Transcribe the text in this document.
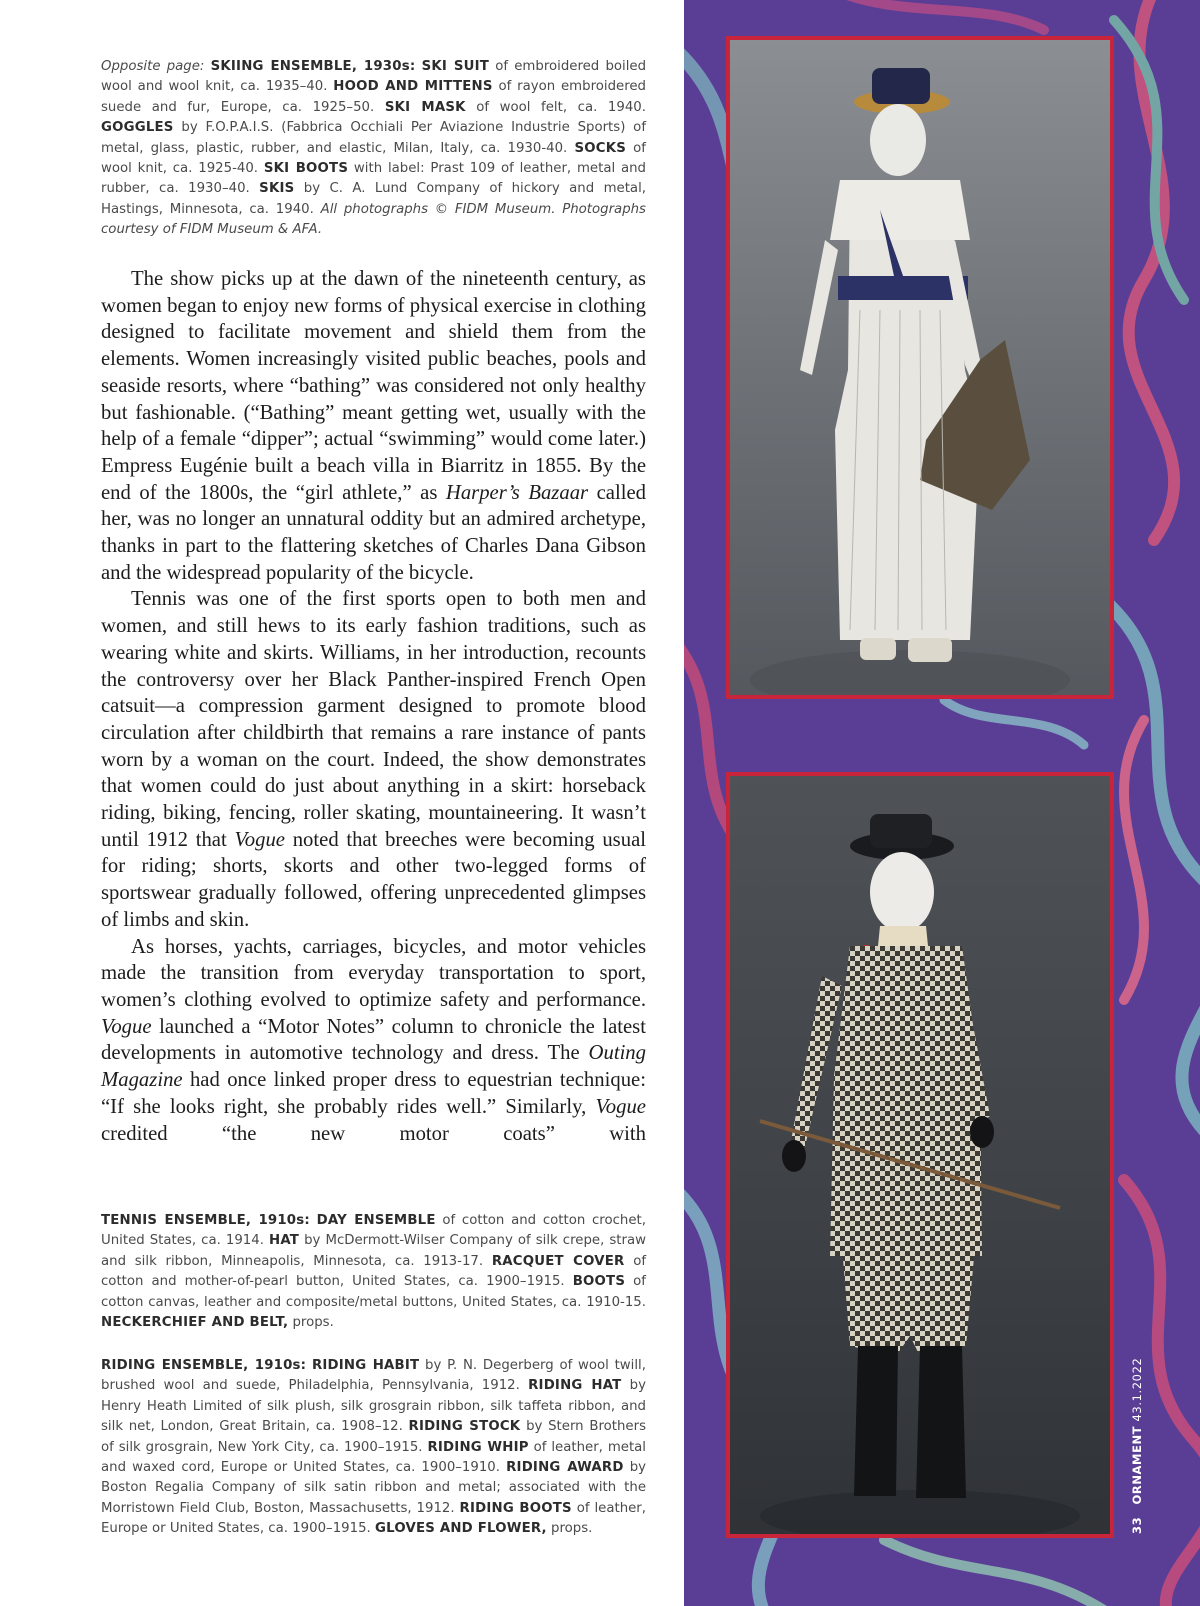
Opposite page: SKIING ENSEMBLE, 1930s: SKI SUIT of embroidered boiled wool and wool knit, ca. 1935–40. HOOD AND MITTENS of rayon embroidered suede and fur, Europe, ca. 1925–50. SKI MASK of wool felt, ca. 1940. GOGGLES by F.O.P.A.I.S. (Fabbrica Occhiali Per Aviazione Industrie Sports) of metal, glass, plastic, rubber, and elastic, Milan, Italy, ca. 1930-40. SOCKS of wool knit, ca. 1925-40. SKI BOOTS with label: Prast 109 of leather, metal and rubber, ca. 1930–40. SKIS by C. A. Lund Company of hickory and metal, Hastings, Minnesota, ca. 1940. All photographs © FIDM Museum. Photographs courtesy of FIDM Museum & AFA.

The show picks up at the dawn of the nineteenth century, as women began to enjoy new forms of physical exercise in clothing designed to facilitate movement and shield them from the elements. Women increasingly visited public beaches, pools and seaside resorts, where “bathing” was considered not only healthy but fashionable. (“Bathing” meant getting wet, usually with the help of a female “dipper”; actual “swimming” would come later.) Empress Eugénie built a beach villa in Biarritz in 1855. By the end of the 1800s, the “girl athlete,” as Harper’s Bazaar called her, was no longer an unnatural oddity but an admired archetype, thanks in part to the flattering sketches of Charles Dana Gibson and the widespread popularity of the bicycle.

Tennis was one of the first sports open to both men and women, and still hews to its early fashion traditions, such as wearing white and skirts. Williams, in her introduction, recounts the controversy over her Black Panther-inspired French Open catsuit—a compression garment designed to promote blood circulation after childbirth that remains a rare instance of pants worn by a woman on the court. Indeed, the show demonstrates that women could do just about anything in a skirt: horseback riding, biking, fencing, roller skating, mountaineering. It wasn’t until 1912 that Vogue noted that breeches were becoming usual for riding; shorts, skorts and other two-legged forms of sportswear gradually followed, offering unprecedented glimpses of limbs and skin.

As horses, yachts, carriages, bicycles, and motor vehicles made the transition from everyday transportation to sport, women’s clothing evolved to optimize safety and performance. Vogue launched a “Motor Notes” column to chronicle the latest developments in automotive technology and dress. The Outing Magazine had once linked proper dress to equestrian technique: “If she looks right, she probably rides well.” Similarly, Vogue credited “the new motor coats” with

TENNIS ENSEMBLE, 1910s: DAY ENSEMBLE of cotton and cotton crochet, United States, ca. 1914. HAT by McDermott-Wilser Company of silk crepe, straw and silk ribbon, Minneapolis, Minnesota, ca. 1913-17. RACQUET COVER of cotton and mother-of-pearl button, United States, ca. 1900–1915. BOOTS of cotton canvas, leather and composite/metal buttons, United States, ca. 1910-15. NECKERCHIEF AND BELT, props.

RIDING ENSEMBLE, 1910s: RIDING HABIT by P. N. Degerberg of wool twill, brushed wool and suede, Philadelphia, Pennsylvania, 1912. RIDING HAT by Henry Heath Limited of silk plush, silk grosgrain ribbon, silk taffeta ribbon, and silk net, London, Great Britain, ca. 1908–12. RIDING STOCK by Stern Brothers of silk grosgrain, New York City, ca. 1900–1915. RIDING WHIP of leather, metal and waxed cord, Europe or United States, ca. 1900–1910. RIDING AWARD by Boston Regalia Company of silk satin ribbon and metal; associated with the Morristown Field Club, Boston, Massachusetts, 1912. RIDING BOOTS of leather, Europe or United States, ca. 1900–1915. GLOVES AND FLOWER, props.	33 ORNAMENT 43.1.2022
